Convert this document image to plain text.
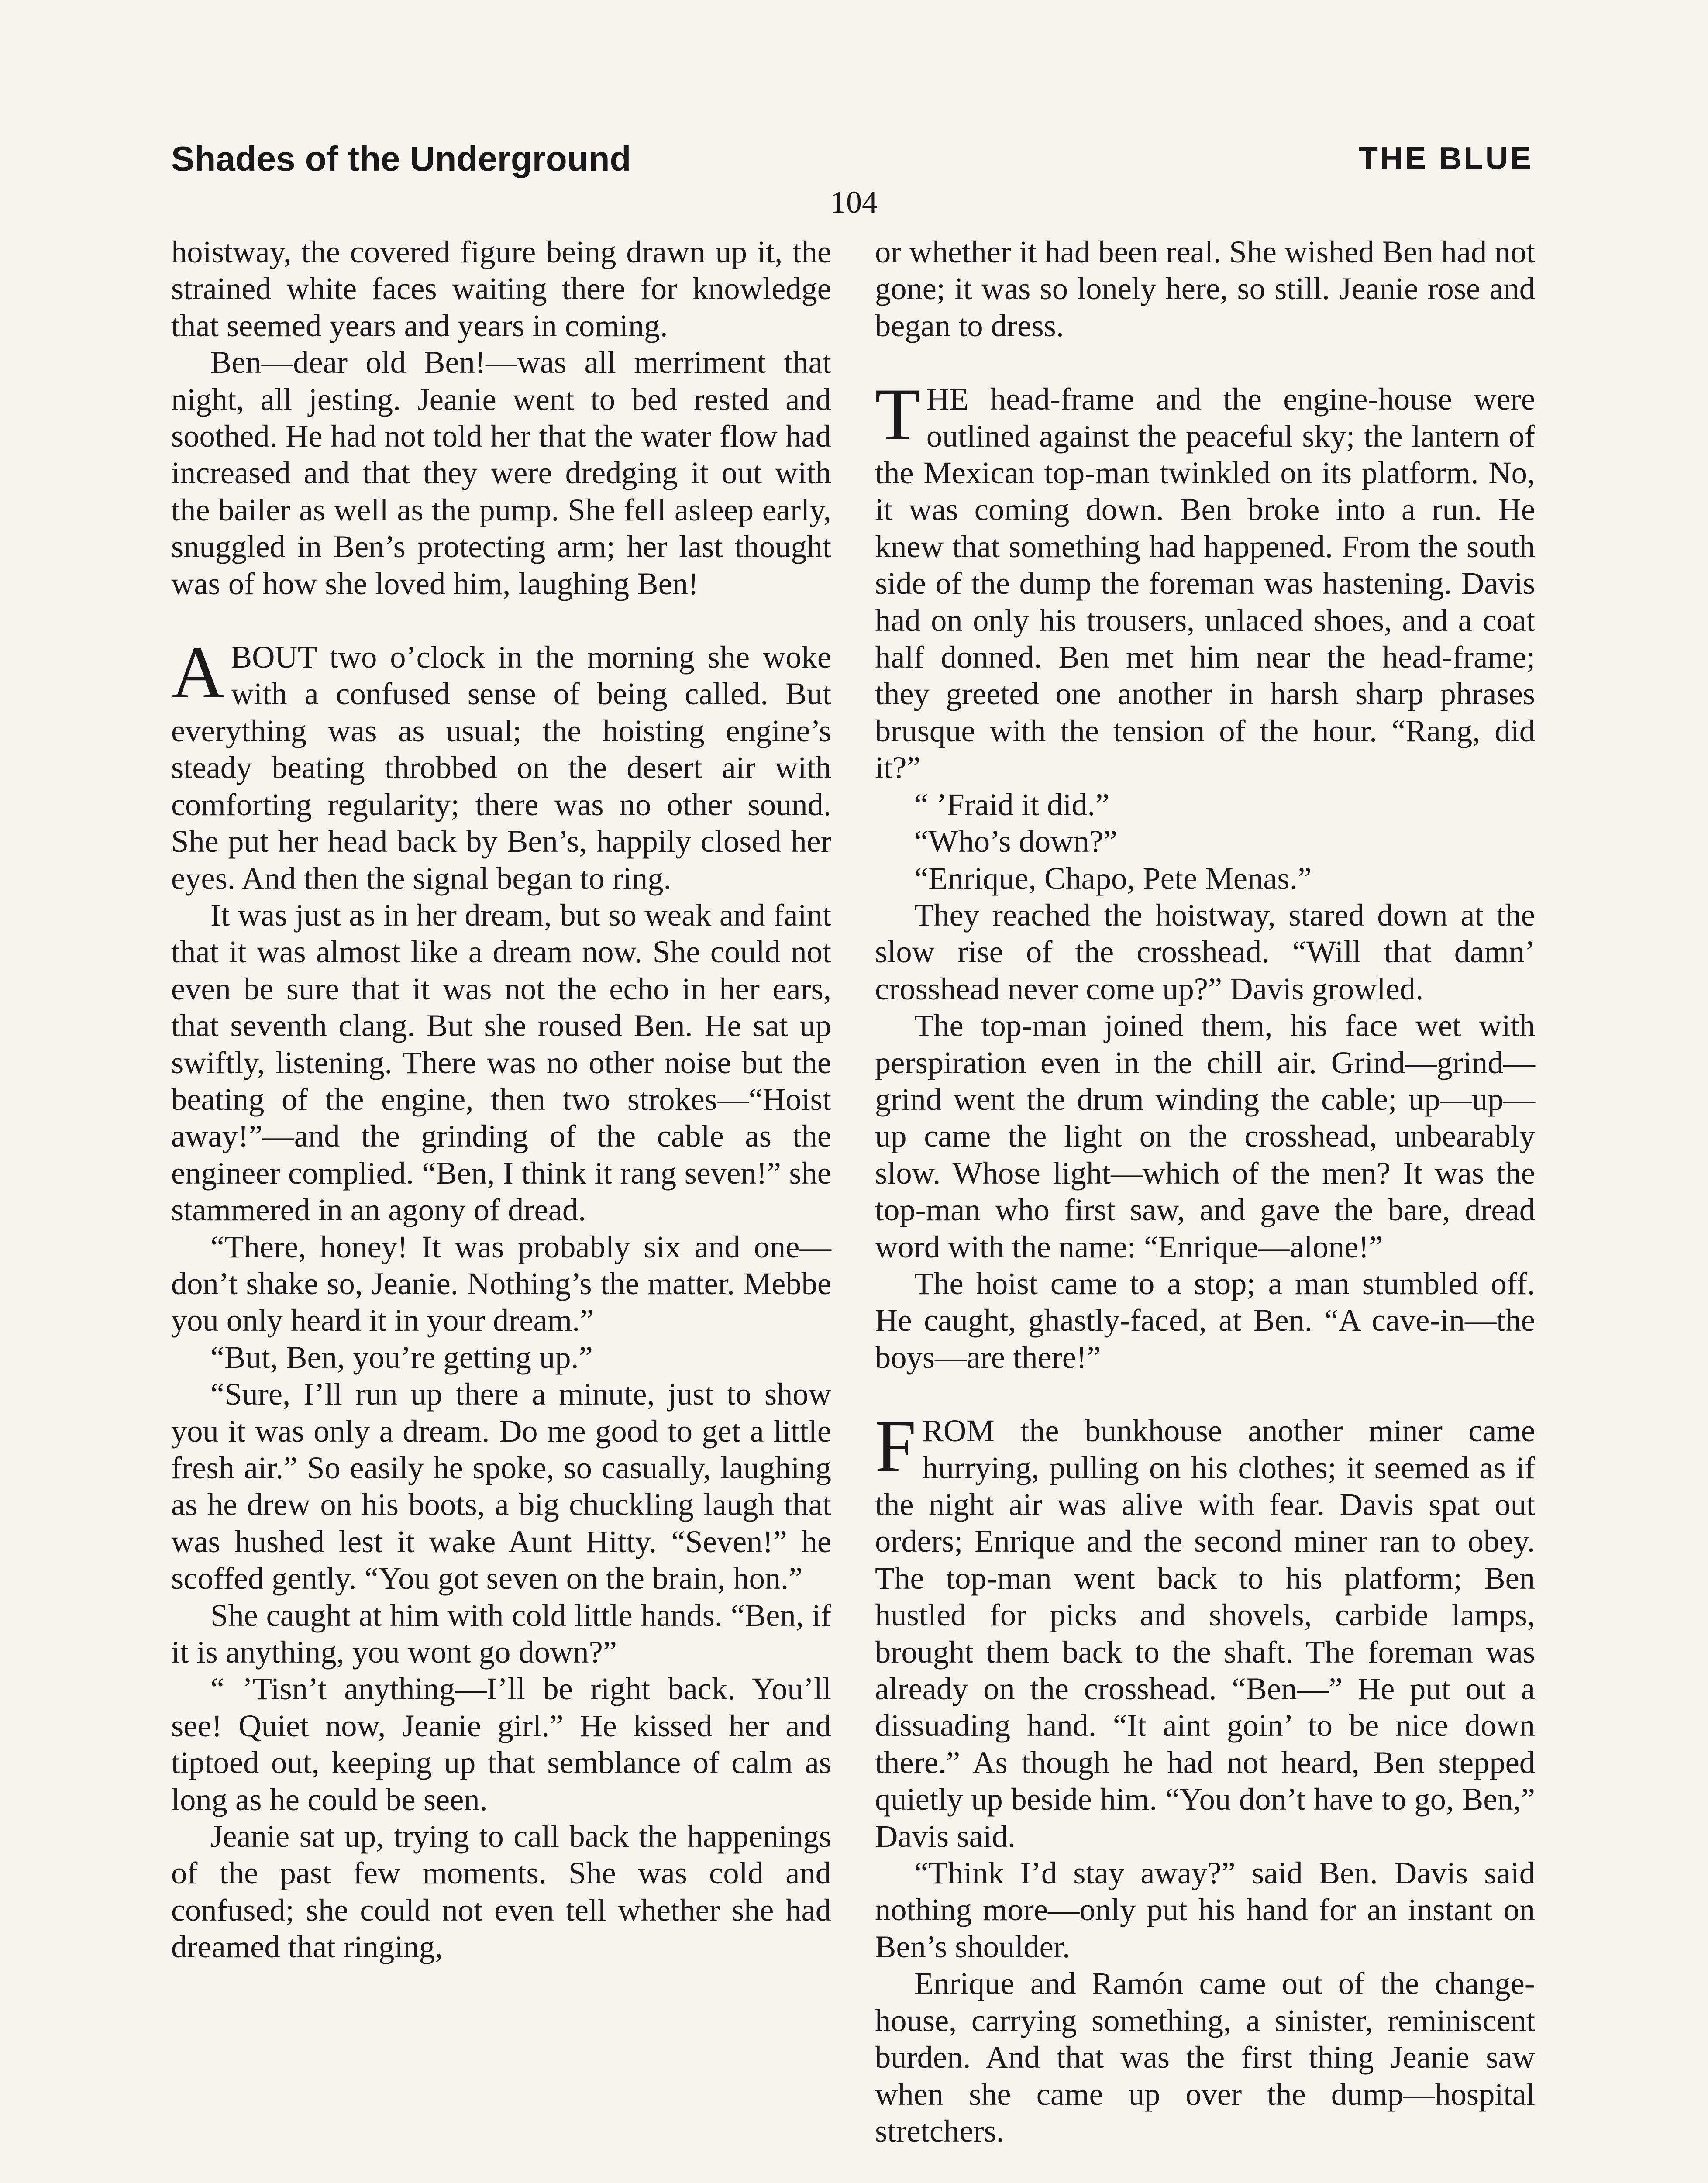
Shades of the Underground	THE BLUE
104

hoistway, the covered figure being drawn up it, the strained white faces waiting there for knowledge that seemed years and years in coming.

Ben—dear old Ben!—was all merriment that night, all jesting. Jeanie went to bed rested and soothed. He had not told her that the water flow had increased and that they were dredging it out with the bailer as well as the pump. She fell asleep early, snuggled in Ben’s protecting arm; her last thought was of how she loved him, laughing Ben!

ABOUT two o’clock in the morning she woke with a confused sense of being called. But everything was as usual; the hoisting engine’s steady beating throbbed on the desert air with comforting regularity; there was no other sound. She put her head back by Ben’s, happily closed her eyes. And then the signal began to ring.

It was just as in her dream, but so weak and faint that it was almost like a dream now. She could not even be sure that it was not the echo in her ears, that seventh clang. But she roused Ben. He sat up swiftly, listening. There was no other noise but the beating of the engine, then two strokes—“Hoist away!”—and the grinding of the cable as the engineer complied. “Ben, I think it rang seven!” she stammered in an agony of dread.

“There, honey! It was probably six and one—don’t shake so, Jeanie. Nothing’s the matter. Mebbe you only heard it in your dream.”

“But, Ben, you’re getting up.”

“Sure, I’ll run up there a minute, just to show you it was only a dream. Do me good to get a little fresh air.” So easily he spoke, so casually, laughing as he drew on his boots, a big chuckling laugh that was hushed lest it wake Aunt Hitty. “Seven!” he scoffed gently. “You got seven on the brain, hon.”

She caught at him with cold little hands. “Ben, if it is anything, you wont go down?”

“ ’Tisn’t anything—I’ll be right back. You’ll see! Quiet now, Jeanie girl.” He kissed her and tiptoed out, keeping up that semblance of calm as long as he could be seen.

Jeanie sat up, trying to call back the happenings of the past few moments. She was cold and confused; she could not even tell whether she had dreamed that ringing,

or whether it had been real. She wished Ben had not gone; it was so lonely here, so still. Jeanie rose and began to dress.

THE head-frame and the engine-house were outlined against the peaceful sky; the lantern of the Mexican top-man twinkled on its platform. No, it was coming down. Ben broke into a run. He knew that something had happened. From the south side of the dump the foreman was hastening. Davis had on only his trousers, unlaced shoes, and a coat half donned. Ben met him near the head-frame; they greeted one another in harsh sharp phrases brusque with the tension of the hour. “Rang, did it?”

“ ’Fraid it did.”

“Who’s down?”

“Enrique, Chapo, Pete Menas.”

They reached the hoistway, stared down at the slow rise of the crosshead. “Will that damn’ crosshead never come up?” Davis growled.

The top-man joined them, his face wet with perspiration even in the chill air. Grind—grind—grind went the drum winding the cable; up—up—up came the light on the crosshead, unbearably slow. Whose light—which of the men? It was the top-man who first saw, and gave the bare, dread word with the name: “Enrique—alone!”

The hoist came to a stop; a man stumbled off. He caught, ghastly-faced, at Ben. “A cave-in—the boys—are there!”

FROM the bunkhouse another miner came hurrying, pulling on his clothes; it seemed as if the night air was alive with fear. Davis spat out orders; Enrique and the second miner ran to obey. The top-man went back to his platform; Ben hustled for picks and shovels, carbide lamps, brought them back to the shaft. The foreman was already on the crosshead. “Ben—” He put out a dissuading hand. “It aint goin’ to be nice down there.” As though he had not heard, Ben stepped quietly up beside him. “You don’t have to go, Ben,” Davis said.

“Think I’d stay away?” said Ben. Davis said nothing more—only put his hand for an instant on Ben’s shoulder.

Enrique and Ramón came out of the change-house, carrying something, a sinister, reminiscent burden. And that was the first thing Jeanie saw when she came up over the dump—hospital stretchers.
